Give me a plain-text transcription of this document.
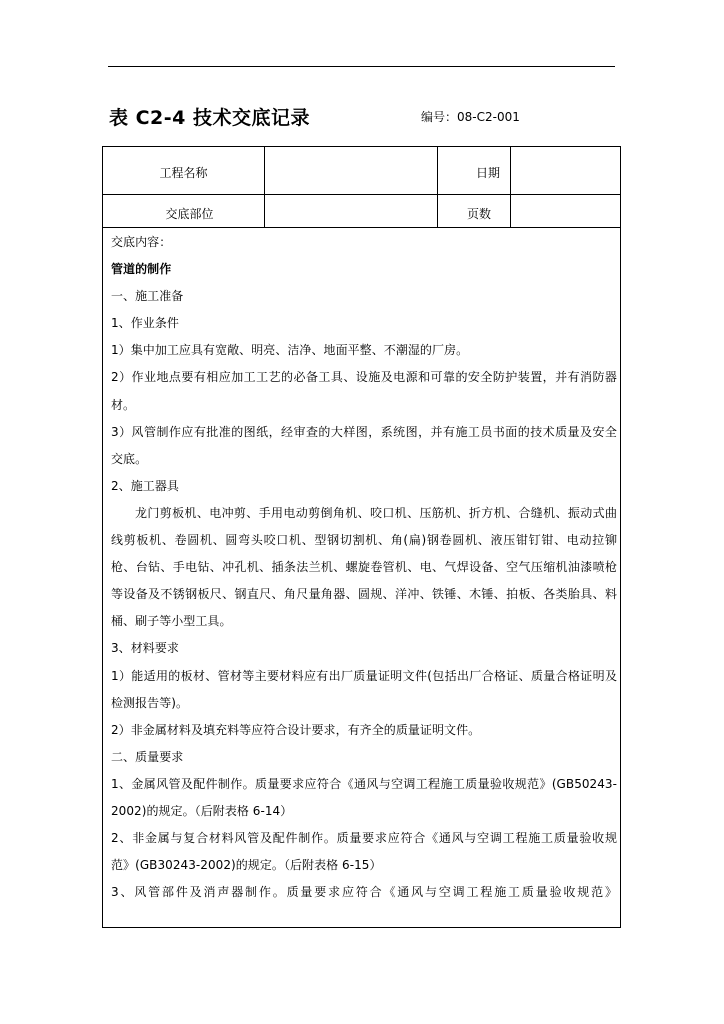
表 C2-4 技术交底记录	编号：08-C2-001
工程名称	日期
交底部位	页数

交底内容：

管道的制作

一、施工准备

1、作业条件

1）集中加工应具有宽敞、明亮、洁净、地面平整、不潮湿的厂房。

2）作业地点要有相应加工工艺的必备工具、设施及电源和可靠的安全防护装置，并有消防器

材。

3）风管制作应有批准的图纸，经审查的大样图，系统图，并有施工员书面的技术质量及安全

交底。

2、施工器具

龙门剪板机、电冲剪、手用电动剪倒角机、咬口机、压筋机、折方机、合缝机、振动式曲

线剪板机、卷圆机、圆弯头咬口机、型钢切割机、角(扁)钢卷圆机、液压钳钉钳、电动拉铆

枪、台钻、手电钻、冲孔机、插条法兰机、螺旋卷管机、电、气焊设备、空气压缩机油漆喷枪

等设备及不锈钢板尺、钢直尺、角尺量角器、圆规、洋冲、铁锤、木锤、拍板、各类胎具、料

桶、刷子等小型工具。

3、材料要求

1）能适用的板材、管材等主要材料应有出厂质量证明文件(包括出厂合格证、质量合格证明及

检测报告等)。

2）非金属材料及填充料等应符合设计要求，有齐全的质量证明文件。

二、质量要求

1、金属风管及配件制作。质量要求应符合《通风与空调工程施工质量验收规范》(GB50243-

2002)的规定。（后附表格 6-14）

2、非金属与复合材料风管及配件制作。质量要求应符合《通风与空调工程施工质量验收规

范》(GB30243-2002)的规定。（后附表格 6-15）

3、风管部件及消声器制作。质量要求应符合《通风与空调工程施工质量验收规范》
